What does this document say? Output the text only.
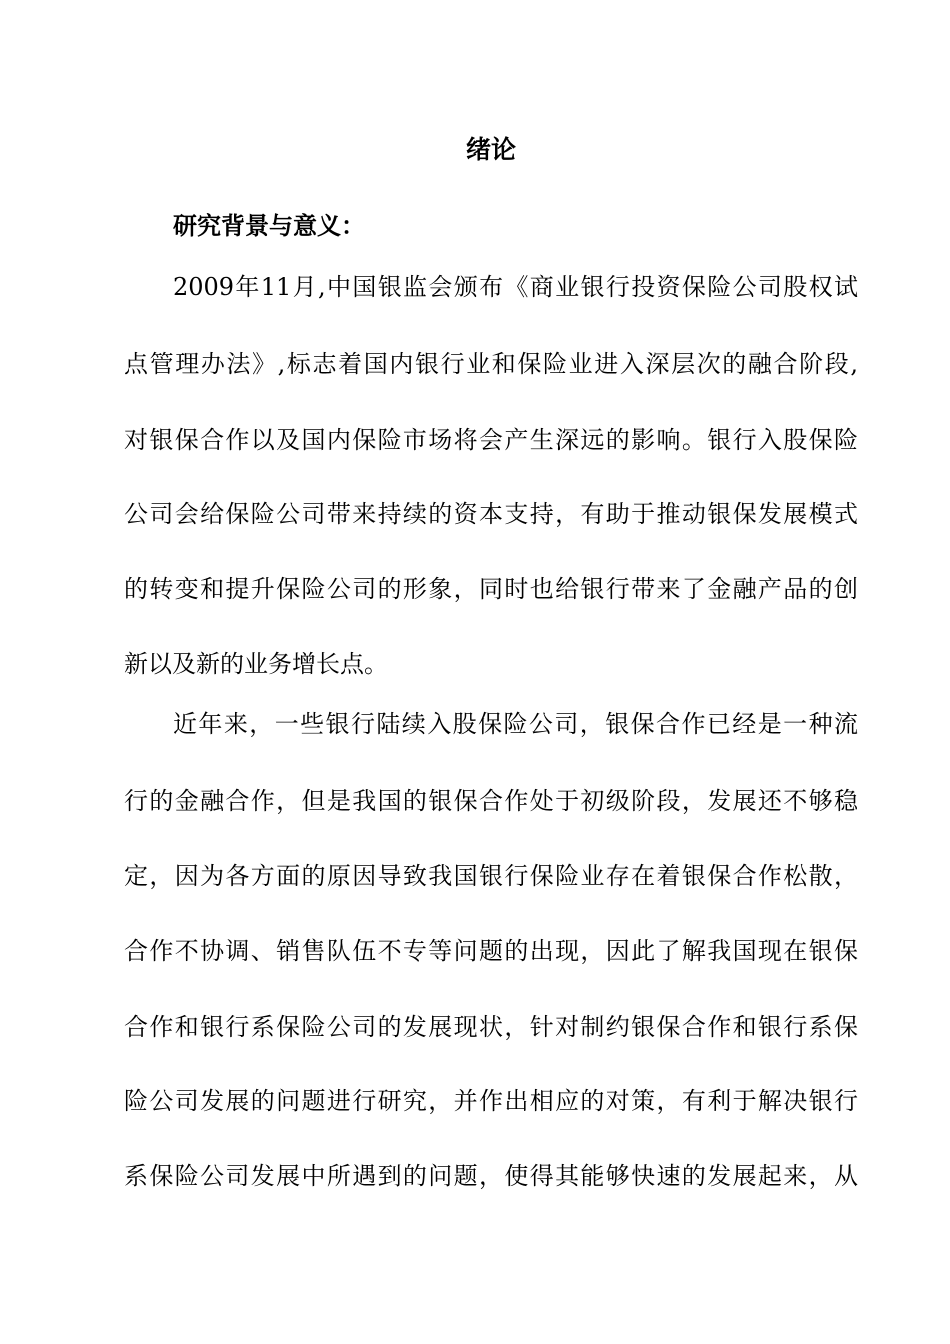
绪论
研究背景与意义：

2009年11月,中国银监会颁布《商业银行投资保险公司股权试

点管理办法》,标志着国内银行业和保险业进入深层次的融合阶段,

对银保合作以及国内保险市场将会产生深远的影响。银行入股保险

公司会给保险公司带来持续的资本支持，有助于推动银保发展模式

的转变和提升保险公司的形象，同时也给银行带来了金融产品的创

新以及新的业务增长点。

近年来，一些银行陆续入股保险公司，银保合作已经是一种流

行的金融合作，但是我国的银保合作处于初级阶段，发展还不够稳

定，因为各方面的原因导致我国银行保险业存在着银保合作松散，

合作不协调、销售队伍不专等问题的出现，因此了解我国现在银保

合作和银行系保险公司的发展现状，针对制约银保合作和银行系保

险公司发展的问题进行研究，并作出相应的对策，有利于解决银行

系保险公司发展中所遇到的问题，使得其能够快速的发展起来，从
